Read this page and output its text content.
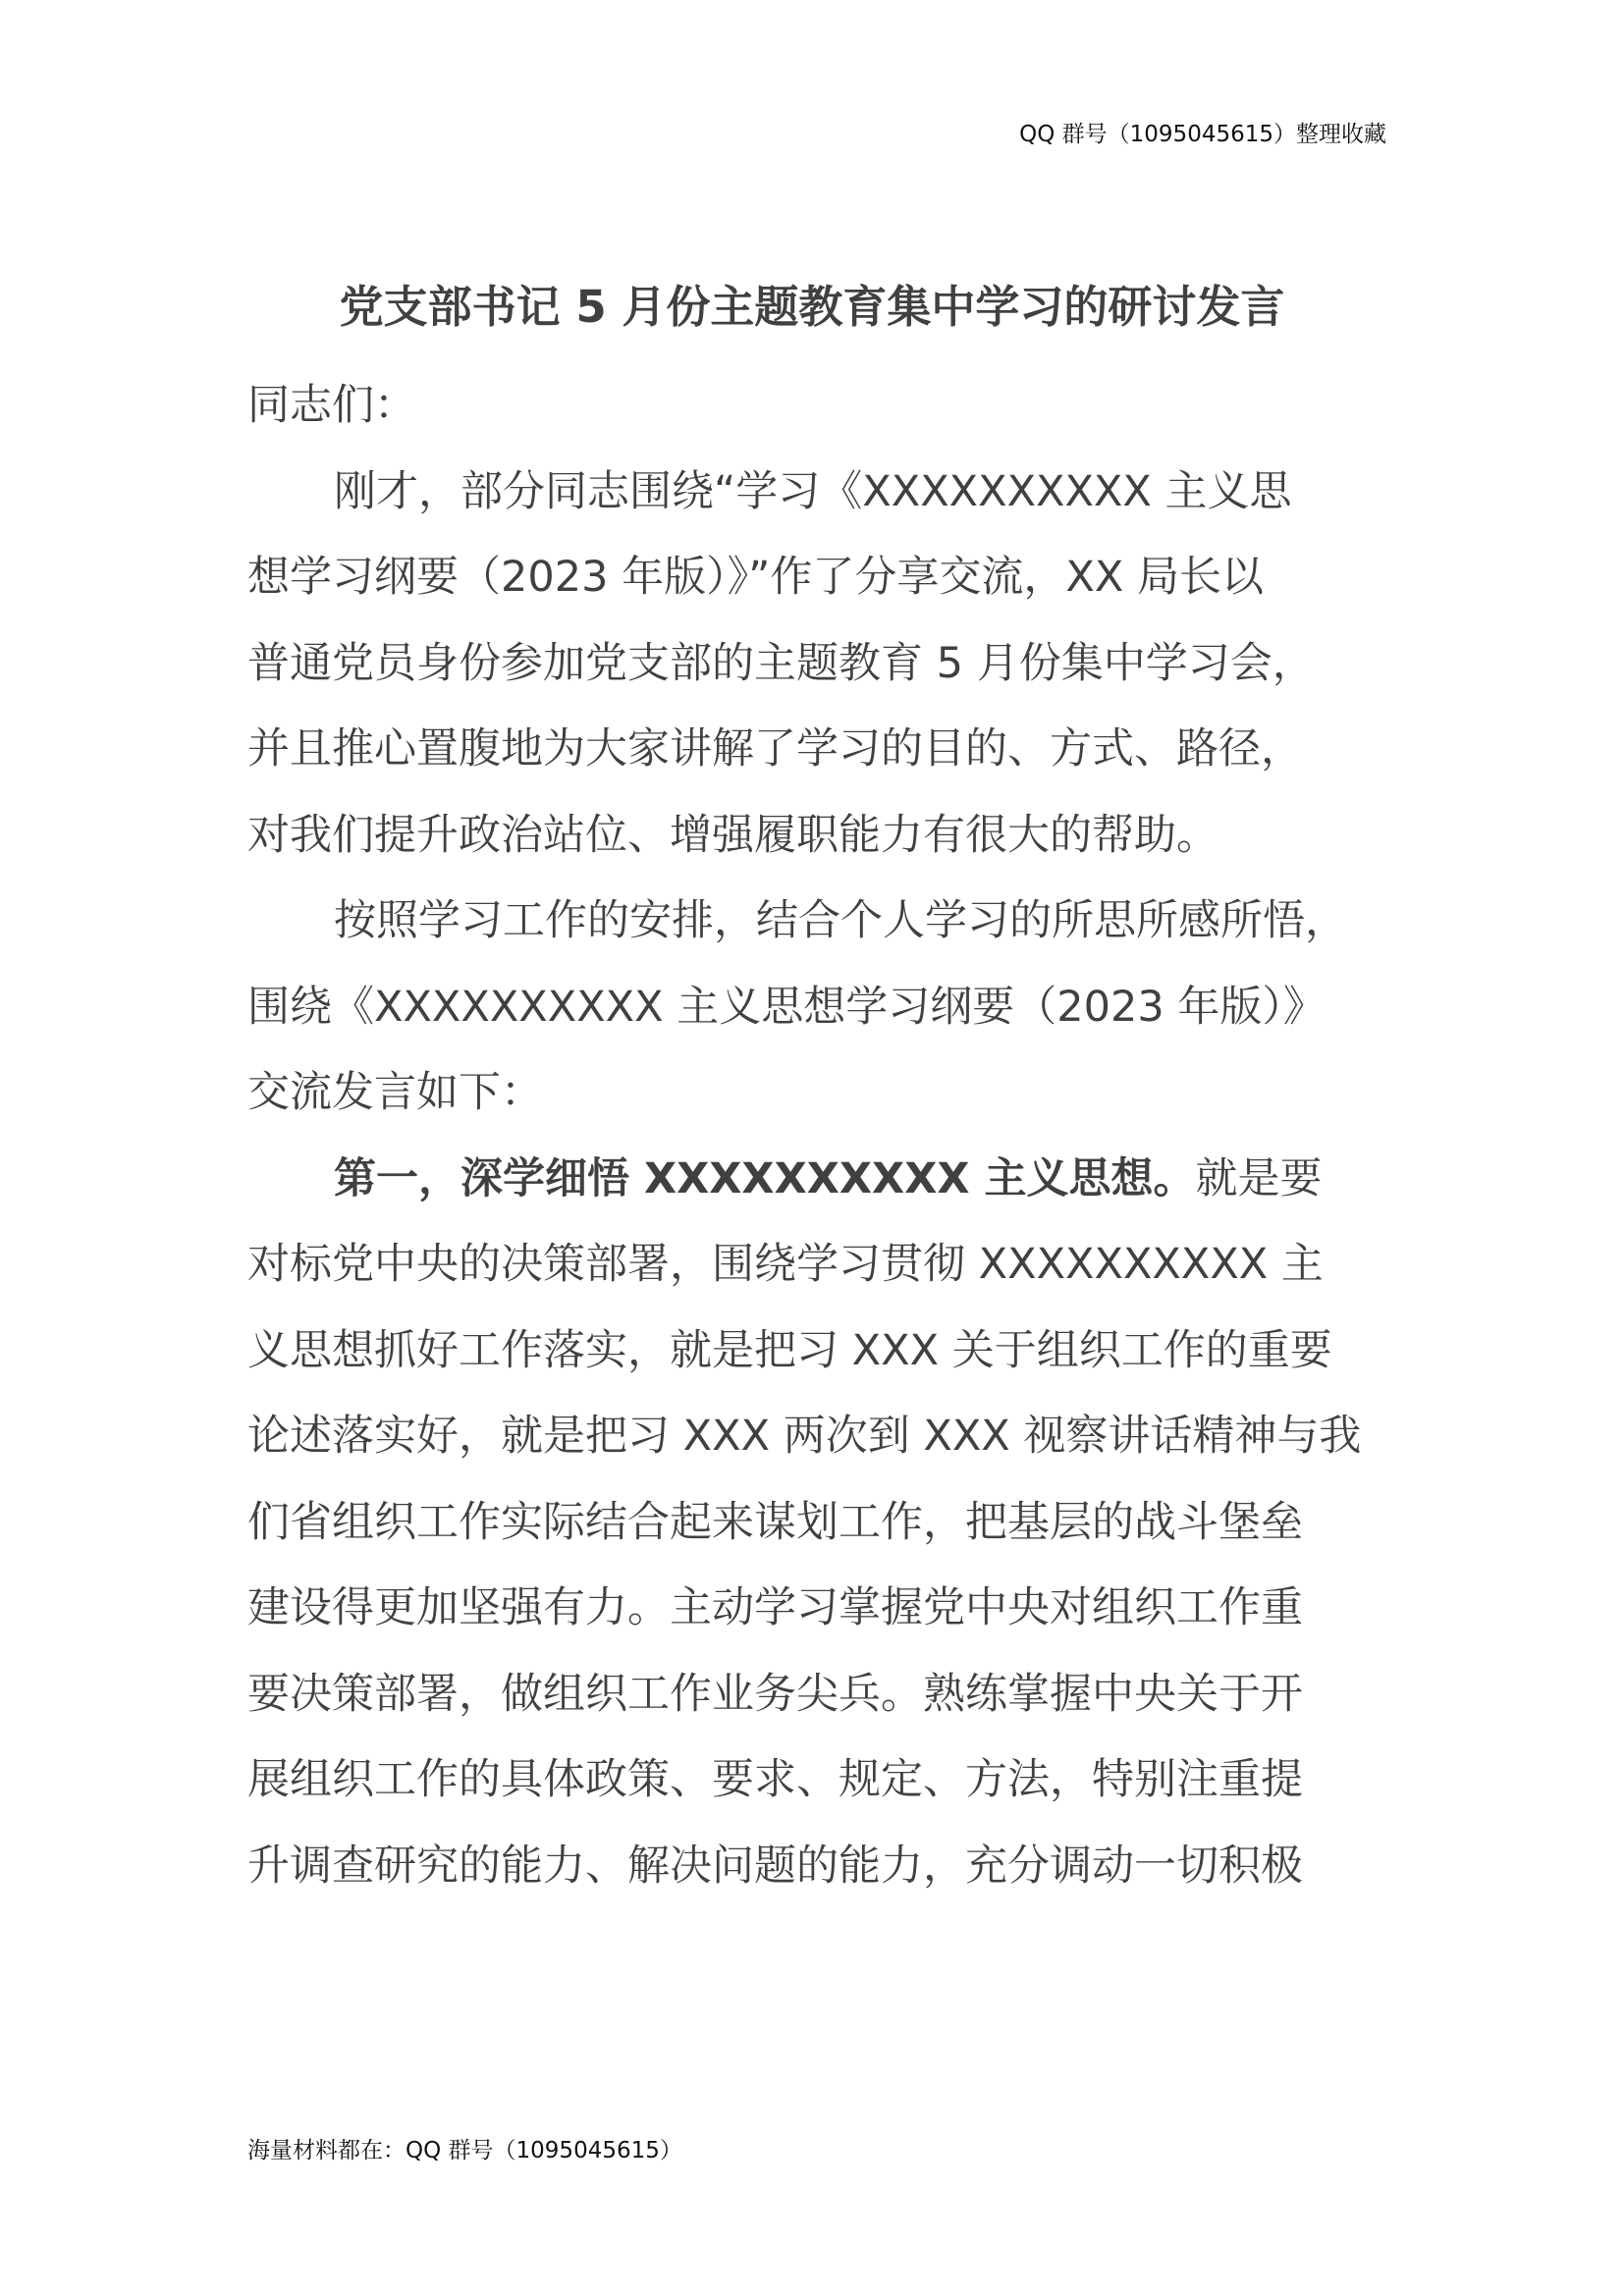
QQ 群号（1095045615）整理收藏
党支部书记 5 月份主题教育集中学习的研讨发言
同志们：
刚才，部分同志围绕“学习《XXXXXXXXXX 主义思
想学习纲要（2023 年版）》”作了分享交流，XX 局长以
普通党员身份参加党支部的主题教育 5 月份集中学习会，
并且推心置腹地为大家讲解了学习的目的、方式、路径，
对我们提升政治站位、增强履职能力有很大的帮助。
按照学习工作的安排，结合个人学习的所思所感所悟，
围绕《XXXXXXXXXX 主义思想学习纲要（2023 年版）》
交流发言如下：
第一，深学细悟 XXXXXXXXXX 主义思想。就是要
对标党中央的决策部署，围绕学习贯彻 XXXXXXXXXX 主
义思想抓好工作落实，就是把习 XXX 关于组织工作的重要
论述落实好，就是把习 XXX 两次到 XXX 视察讲话精神与我
们省组织工作实际结合起来谋划工作，把基层的战斗堡垒
建设得更加坚强有力。主动学习掌握党中央对组织工作重
要决策部署，做组织工作业务尖兵。熟练掌握中央关于开
展组织工作的具体政策、要求、规定、方法，特别注重提
升调查研究的能力、解决问题的能力，充分调动一切积极
海量材料都在：QQ 群号（1095045615）
